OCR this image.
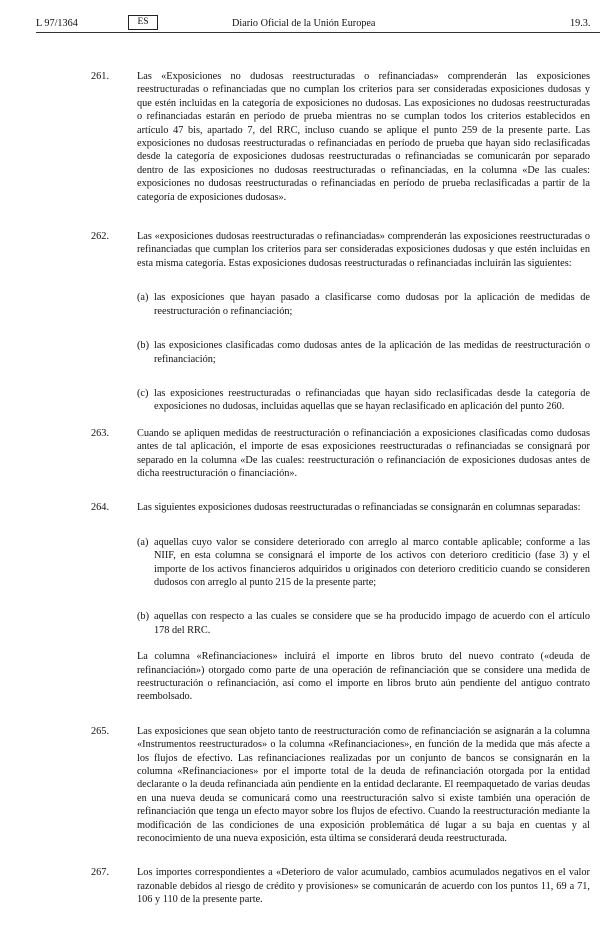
L 97/1364	ES	Diario Oficial de la Unión Europea	19.3.
261.	Las «Exposiciones no dudosas reestructuradas o refinanciadas» comprenderán las exposiciones reestructuradas o refinanciadas que no cumplan los criterios para ser consideradas exposiciones dudosas y que estén incluidas en la categoría de exposiciones no dudosas. Las exposiciones no dudosas reestructuradas o refinanciadas estarán en período de prueba mientras no se cumplan todos los criterios establecidos en artículo 47 bis, apartado 7, del RRC, incluso cuando se aplique el punto 259 de la presente parte. Las exposiciones no dudosas reestructuradas o refinanciadas en período de prueba que hayan sido reclasificadas desde la categoría de exposiciones dudosas reestructuradas o refinanciadas se comunicarán por separado dentro de las exposiciones no dudosas reestructuradas o refinanciadas, en la columna «De las cuales: exposiciones no dudosas reestructuradas o refinanciadas en período de prueba reclasificadas a partir de la categoría de exposiciones dudosas».
262.	Las «exposiciones dudosas reestructuradas o refinanciadas» comprenderán las exposiciones reestructuradas o refinanciadas que cumplan los criterios para ser consideradas exposiciones dudosas y que estén incluidas en esta misma categoría. Estas exposiciones dudosas reestructuradas o refinanciadas incluirán las siguientes:
(a) las exposiciones que hayan pasado a clasificarse como dudosas por la aplicación de medidas de reestructuración o refinanciación;
(b) las exposiciones clasificadas como dudosas antes de la aplicación de las medidas de reestructuración o refinanciación;
(c) las exposiciones reestructuradas o refinanciadas que hayan sido reclasificadas desde la categoría de exposiciones no dudosas, incluidas aquellas que se hayan reclasificado en aplicación del punto 260.
263.	Cuando se apliquen medidas de reestructuración o refinanciación a exposiciones clasificadas como dudosas antes de tal aplicación, el importe de esas exposiciones reestructuradas o refinanciadas se consignará por separado en la columna «De las cuales: reestructuración o refinanciación de exposiciones dudosas antes de dicha reestructuración o financiación».
264.	Las siguientes exposiciones dudosas reestructuradas o refinanciadas se consignarán en columnas separadas:
(a) aquellas cuyo valor se considere deteriorado con arreglo al marco contable aplicable; conforme a las NIIF, en esta columna se consignará el importe de los activos con deterioro crediticio (fase 3) y el importe de los activos financieros adquiridos u originados con deterioro crediticio cuando se consideren dudosos con arreglo al punto 215 de la presente parte;
(b) aquellas con respecto a las cuales se considere que se ha producido impago de acuerdo con el artículo 178 del RRC.
La columna «Refinanciaciones» incluirá el importe en libros bruto del nuevo contrato («deuda de refinanciación») otorgado como parte de una operación de refinanciación que se considere una medida de reestructuración o refinanciación, así como el importe en libros bruto aún pendiente del antiguo contrato reembolsado.
265.	Las exposiciones que sean objeto tanto de reestructuración como de refinanciación se asignarán a la columna «Instrumentos reestructurados» o la columna «Refinanciaciones», en función de la medida que más afecte a los flujos de efectivo. Las refinanciaciones realizadas por un conjunto de bancos se consignarán en la columna «Refinanciaciones» por el importe total de la deuda de refinanciación otorgada por la entidad declarante o la deuda refinanciada aún pendiente en la entidad declarante. El reempaquetado de varias deudas en una nueva deuda se comunicará como una reestructuración salvo si existe también una operación de refinanciación que tenga un efecto mayor sobre los flujos de efectivo. Cuando la reestructuración mediante la modificación de las condiciones de una exposición problemática dé lugar a su baja en cuentas y al reconocimiento de una nueva exposición, esta última se considerará deuda reestructurada.
267.	Los importes correspondientes a «Deterioro de valor acumulado, cambios acumulados negativos en el valor razonable debidos al riesgo de crédito y provisiones» se comunicarán de acuerdo con los puntos 11, 69 a 71, 106 y 110 de la presente parte.
